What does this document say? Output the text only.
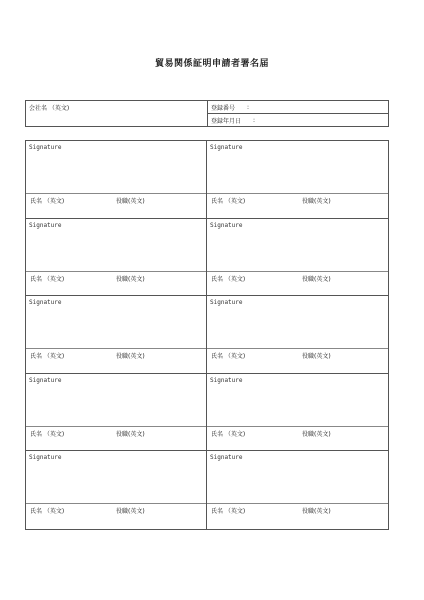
貿易関係証明申請者署名届
会社名 （英文)	登録番号 :
登録年月日 :
Signature
氏名 （英文)	役職(英文)
Signature
氏名 （英文)	役職(英文)
Signature
氏名 （英文)	役職(英文)
Signature
氏名 （英文)	役職(英文)
Signature
氏名 （英文)	役職(英文)
Signature
氏名 （英文)	役職(英文)
Signature
氏名 （英文)	役職(英文)
Signature
氏名 （英文)	役職(英文)
Signature
氏名 （英文)	役職(英文)
Signature
氏名 （英文)	役職(英文)
